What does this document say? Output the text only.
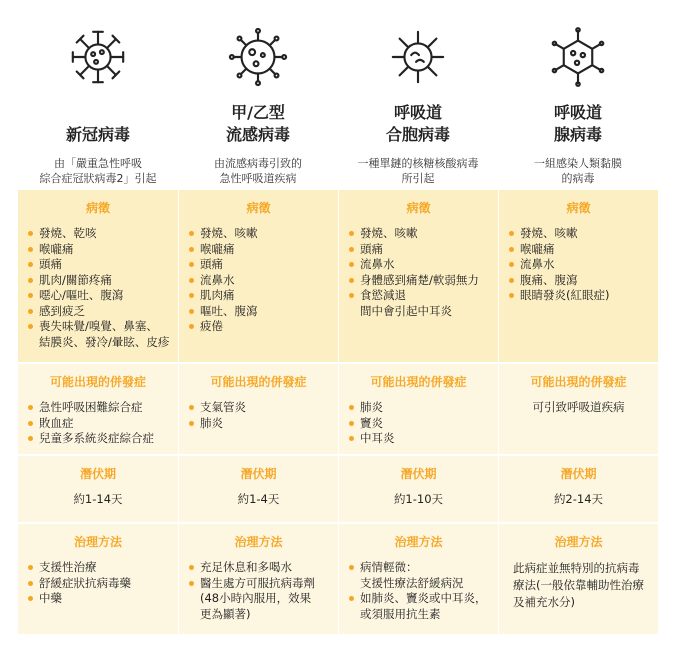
新冠病毒
由「嚴重急性呼吸
綜合症冠狀病毒2」引起
甲/乙型
流感病毒
由流感病毒引致的
急性呼吸道疾病
呼吸道
合胞病毒
一種單鏈的核糖核酸病毒
所引起
呼吸道
腺病毒
一組感染人類黏膜
的病毒
病徵
發燒、乾咳
喉嚨痛
頭痛
肌肉/關節疼痛
噁心/嘔吐、腹瀉
感到疲乏
喪失味覺/嗅覺、鼻塞、
結膜炎、發冷/暈眩、皮疹
病徵
發燒、咳嗽
喉嚨痛
頭痛
流鼻水
肌肉痛
嘔吐、腹瀉
疲倦
病徵
發燒、咳嗽
頭痛
流鼻水
身體感到痛楚/軟弱無力
食慾減退
間中會引起中耳炎
病徵
發燒、咳嗽
喉嚨痛
流鼻水
腹痛、腹瀉
眼睛發炎(紅眼症)
可能出現的併發症
急性呼吸困難綜合症
敗血症
兒童多系統炎症綜合症
可能出現的併發症
支氣管炎
肺炎
可能出現的併發症
肺炎
竇炎
中耳炎
可能出現的併發症
可引致呼吸道疾病
潛伏期
約1-14天
潛伏期
約1-4天
潛伏期
約1-10天
潛伏期
約2-14天
治理方法
支援性治療
舒緩症狀抗病毒藥
中藥
治理方法
充足休息和多喝水
醫生處方可服抗病毒劑
(48小時內服用，效果
更為顯著)
治理方法
病情輕微：
支援性療法舒緩病況
如肺炎、竇炎或中耳炎，
或須服用抗生素
治理方法
此病症並無特別的抗病毒療法(一般依靠輔助性治療及補充水分)
